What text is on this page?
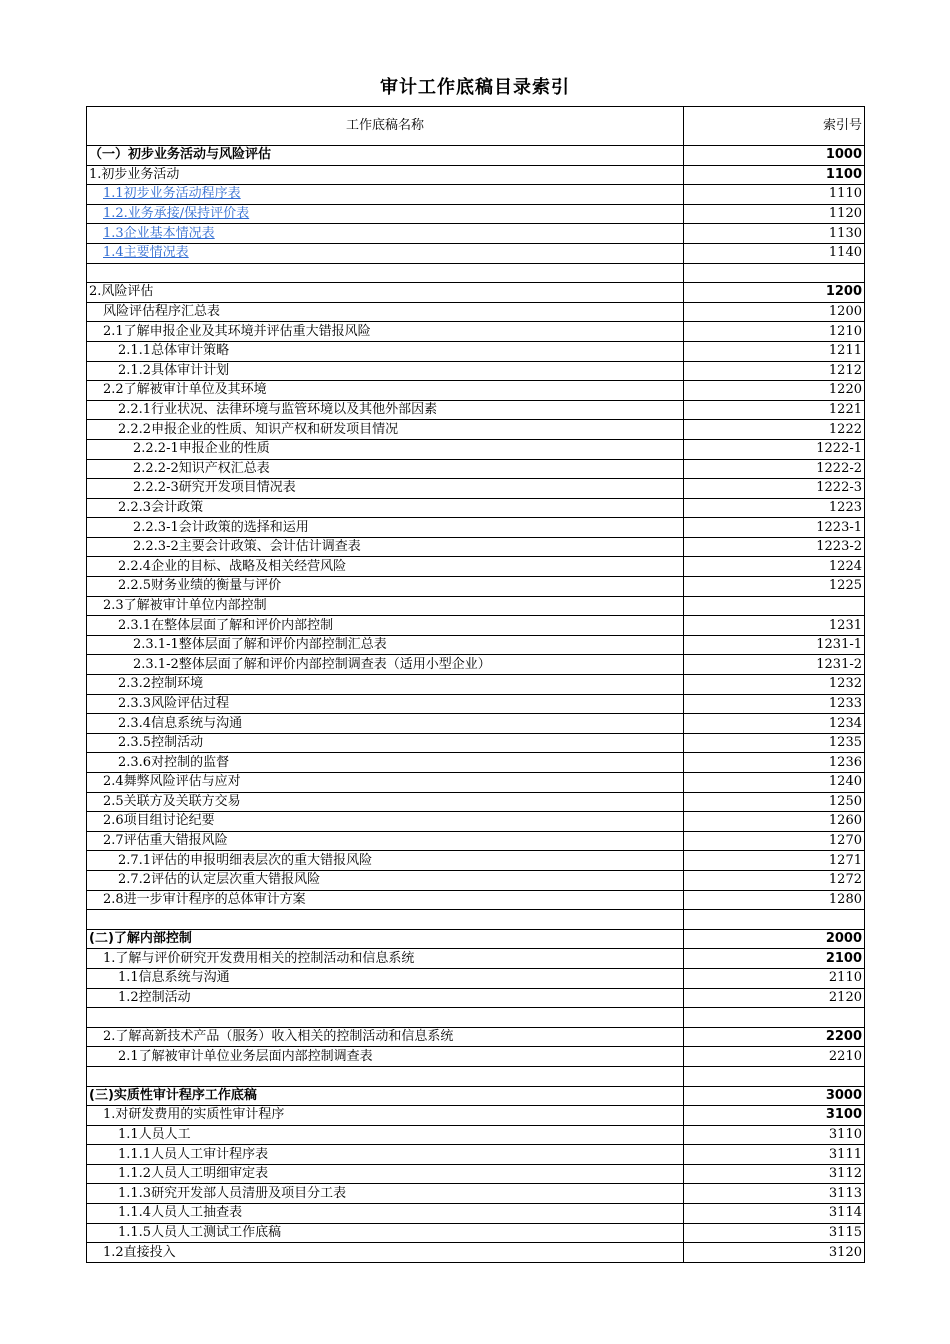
审计工作底稿目录索引
工作底稿名称	索引号
（一）初步业务活动与风险评估	1000
1.初步业务活动	1100
1.1初步业务活动程序表	1110
1.2.业务承接/保持评价表	1120
1.3企业基本情况表	1130
1.4主要情况表	1140

2.风险评估	1200
风险评估程序汇总表	1200
2.1了解申报企业及其环境并评估重大错报风险	1210
2.1.1总体审计策略	1211
2.1.2具体审计计划	1212
2.2了解被审计单位及其环境	1220
2.2.1行业状况、法律环境与监管环境以及其他外部因素	1221
2.2.2申报企业的性质、知识产权和研发项目情况	1222
2.2.2-1申报企业的性质	1222-1
2.2.2-2知识产权汇总表	1222-2
2.2.2-3研究开发项目情况表	1222-3
2.2.3会计政策	1223
2.2.3-1会计政策的选择和运用	1223-1
2.2.3-2主要会计政策、会计估计调查表	1223-2
2.2.4企业的目标、战略及相关经营风险	1224
2.2.5财务业绩的衡量与评价	1225
2.3了解被审计单位内部控制	
2.3.1在整体层面了解和评价内部控制	1231
2.3.1-1整体层面了解和评价内部控制汇总表	1231-1
2.3.1-2整体层面了解和评价内部控制调查表（适用小型企业）	1231-2
2.3.2控制环境	1232
2.3.3风险评估过程	1233
2.3.4信息系统与沟通	1234
2.3.5控制活动	1235
2.3.6对控制的监督	1236
2.4舞弊风险评估与应对	1240
2.5关联方及关联方交易	1250
2.6项目组讨论纪要	1260
2.7评估重大错报风险	1270
2.7.1评估的申报明细表层次的重大错报风险	1271
2.7.2评估的认定层次重大错报风险	1272
2.8进一步审计程序的总体审计方案	1280

(二)了解内部控制	2000
1.了解与评价研究开发费用相关的控制活动和信息系统	2100
1.1信息系统与沟通	2110
1.2控制活动	2120

2.了解高新技术产品（服务）收入相关的控制活动和信息系统	2200
2.1了解被审计单位业务层面内部控制调查表	2210

(三)实质性审计程序工作底稿	3000
1.对研发费用的实质性审计程序	3100
1.1人员人工	3110
1.1.1人员人工审计程序表	3111
1.1.2人员人工明细审定表	3112
1.1.3研究开发部人员清册及项目分工表	3113
1.1.4人员人工抽查表	3114
1.1.5人员人工测试工作底稿	3115
1.2直接投入	3120
